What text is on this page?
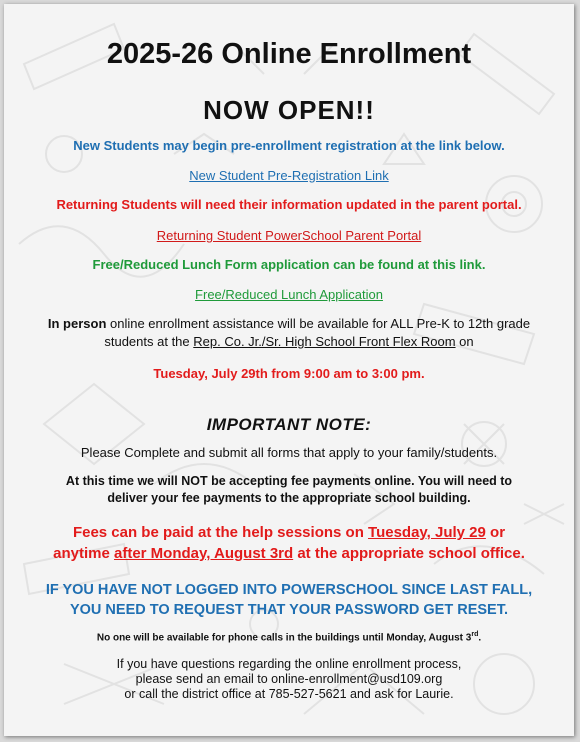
2025-26 Online Enrollment
NOW OPEN!!
New Students may begin pre-enrollment registration at the link below.
New Student Pre-Registration Link
Returning Students will need their information updated in the parent portal.
Returning Student PowerSchool Parent Portal
Free/Reduced Lunch Form application can be found at this link.
Free/Reduced Lunch Application
In person online enrollment assistance will be available for ALL Pre-K to 12th grade
students at the Rep. Co. Jr./Sr. High School Front Flex Room on
Tuesday, July 29th from 9:00 am to 3:00 pm.
IMPORTANT NOTE:
Please Complete and submit all forms that apply to your family/students.
At this time we will NOT be accepting fee payments online. You will need to
deliver your fee payments to the appropriate school building.
Fees can be paid at the help sessions on Tuesday, July 29 or
anytime after Monday, August 3rd at the appropriate school office.
IF YOU HAVE NOT LOGGED INTO POWERSCHOOL SINCE LAST FALL,
YOU NEED TO REQUEST THAT YOUR PASSWORD GET RESET.
No one will be available for phone calls in the buildings until Monday, August 3rd.
If you have questions regarding the online enrollment process,
please send an email to online-enrollment@usd109.org
or call the district office at 785-527-5621 and ask for Laurie.
